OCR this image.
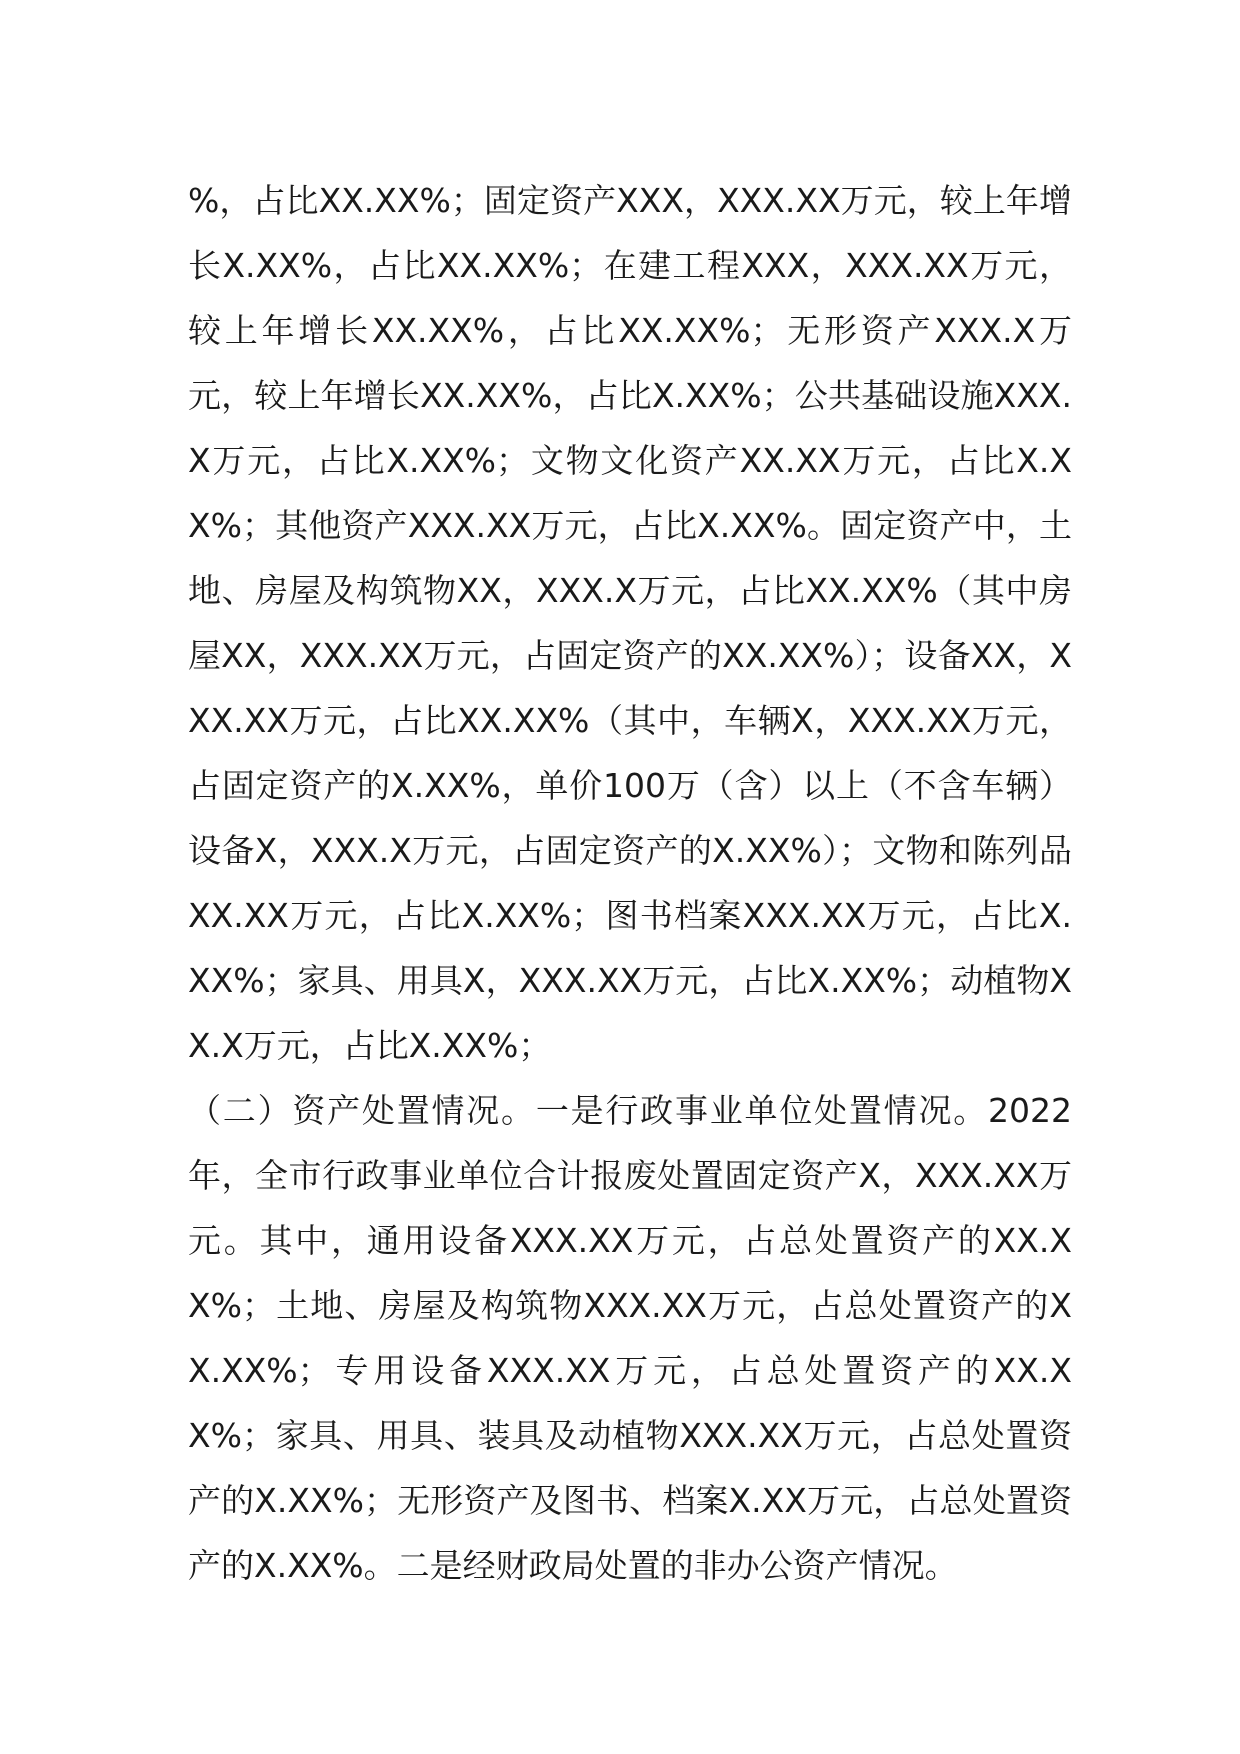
%，占比XX.XX%；固定资产XXX，XXX.XX万元，较上年增长X.XX%，占比XX.XX%；在建工程XXX，XXX.XX万元，较上年增长XX.XX%，占比XX.XX%；无形资产XXX.X万元，较上年增长XX.XX%，占比X.XX%；公共基础设施XXX.X万元，占比X.XX%；文物文化资产XX.XX万元，占比X.XX%；其他资产XXX.XX万元，占比X.XX%。固定资产中，土地、房屋及构筑物XX，XXX.X万元，占比XX.XX%（其中房屋XX，XXX.XX万元，占固定资产的XX.XX%）；设备XX，XXX.XX万元，占比XX.XX%（其中，车辆X，XXX.XX万元，占固定资产的X.XX%，单价100万（含）以上（不含车辆）设备X，XXX.X万元，占固定资产的X.XX%）；文物和陈列品XX.XX万元，占比X.XX%；图书档案XXX.XX万元，占比X.XX%；家具、用具X，XXX.XX万元，占比X.XX%；动植物XX.X万元，占比X.XX%；

（二）资产处置情况。一是行政事业单位处置情况。2022年，全市行政事业单位合计报废处置固定资产X，XXX.XX万元。其中，通用设备XXX.XX万元，占总处置资产的XX.XX%；土地、房屋及构筑物XXX.XX万元，占总处置资产的XX.XX%；专用设备XXX.XX万元，占总处置资产的XX.XX%；家具、用具、装具及动植物XXX.XX万元，占总处置资产的X.XX%；无形资产及图书、档案X.XX万元，占总处置资产的X.XX%。二是经财政局处置的非办公资产情况。
